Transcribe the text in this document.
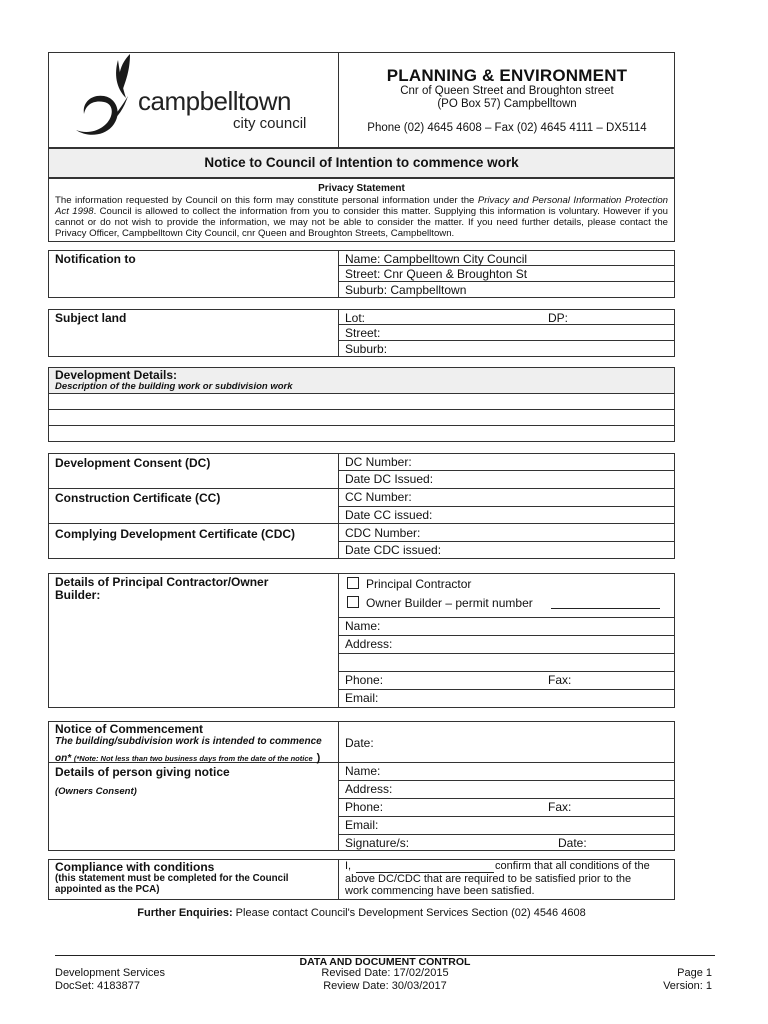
campbelltown
city council
PLANNING & ENVIRONMENT
Cnr of Queen Street and Broughton street
(PO Box 57) Campbelltown
Phone (02) 4645 4608 – Fax (02) 4645 4111 – DX5114
Notice to Council of Intention to commence work
Privacy Statement
The information requested by Council on this form may constitute personal information under the Privacy and Personal Information Protection Act 1998. Council is allowed to collect the information from you to consider this matter. Supplying this information is voluntary. However if you cannot or do not wish to provide the information, we may not be able to consider the matter. If you need further details, please contact the Privacy Officer, Campbelltown City Council, cnr Queen and Broughton Streets, Campbelltown.
Notification to	Name: Campbelltown City Council
Street: Cnr Queen & Broughton St
Suburb: Campbelltown
Subject land	Lot:	DP:
Street:
Suburb:
Development Details:
Description of the building work or subdivision work
Development Consent (DC)	DC Number:
Date DC Issued:
Construction Certificate (CC)	CC Number:
Date CC issued:
Complying Development Certificate (CDC)	CDC Number:
Date CDC issued:
Details of Principal Contractor/Owner
Builder:
Principal Contractor
Owner Builder – permit number
Name:
Address:
Phone:	Fax:
Email:
Notice of Commencement
The building/subdivision work is intended to commence
on* (*Note: Not less than two business days from the date of the notice )
Date:
Details of person giving notice
(Owners Consent)
Name:
Address:
Phone:	Fax:
Email:
Signature/s:	Date:
Compliance with conditions
(this statement must be completed for the Council
appointed as the PCA)
I,	confirm that all conditions of the
above DC/CDC that are required to be satisfied prior to the
work commencing have been satisfied.
Further Enquiries: Please contact Council's Development Services Section (02) 4546 4608
DATA AND DOCUMENT CONTROL
Development Services
DocSet: 4183877
Revised Date: 17/02/2015
Review Date: 30/03/2017
Page 1
Version: 1
